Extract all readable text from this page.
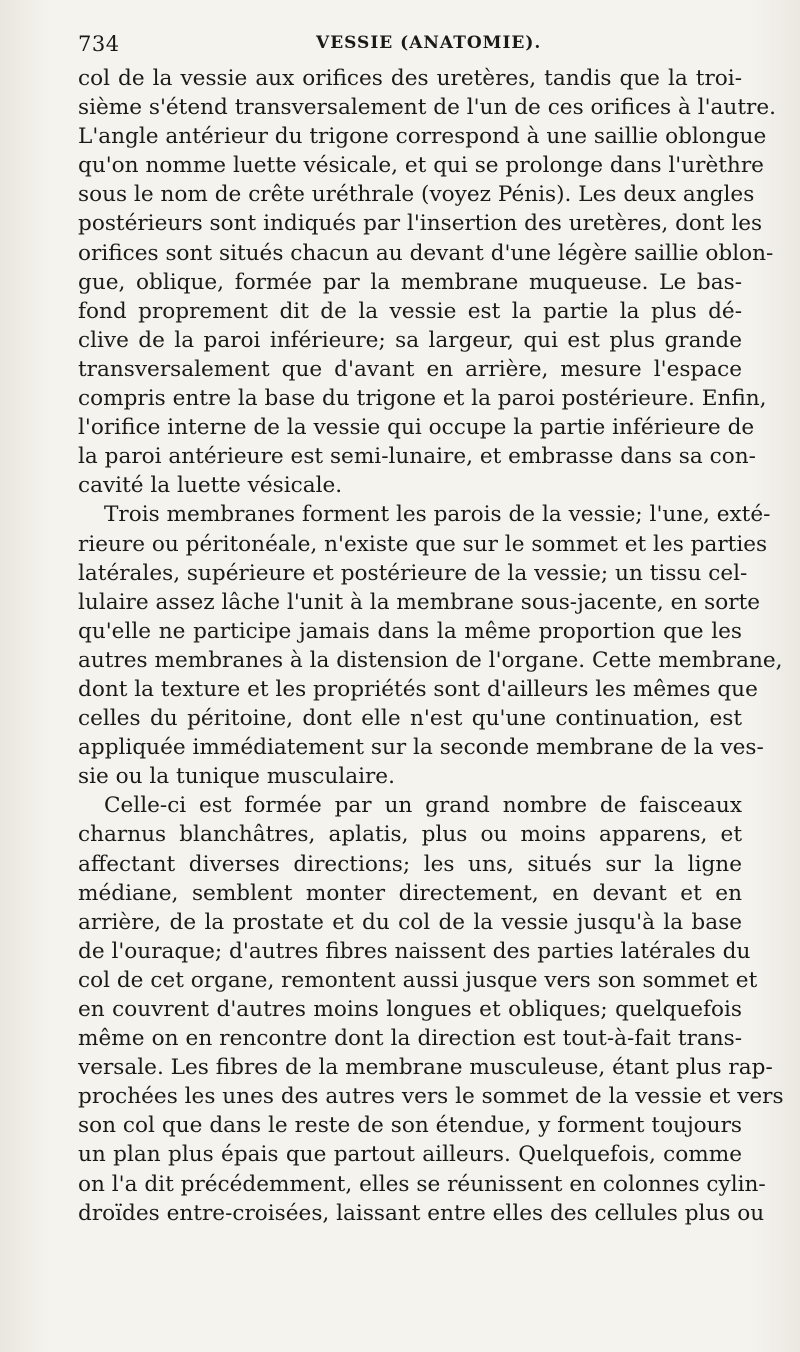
734	VESSIE (ANATOMIE).
col de la vessie aux orifices des uretères, tandis que la troi-
sième s'étend transversalement de l'un de ces orifices à l'autre.
L'angle antérieur du trigone correspond à une saillie oblongue
qu'on nomme luette vésicale, et qui se prolonge dans l'urèthre
sous le nom de crête uréthrale (voyez Pénis). Les deux angles
postérieurs sont indiqués par l'insertion des uretères, dont les
orifices sont situés chacun au devant d'une légère saillie oblon-
gue, oblique, formée par la membrane muqueuse. Le bas-
fond proprement dit de la vessie est la partie la plus dé-
clive de la paroi inférieure; sa largeur, qui est plus grande
transversalement que d'avant en arrière, mesure l'espace
compris entre la base du trigone et la paroi postérieure. Enfin,
l'orifice interne de la vessie qui occupe la partie inférieure de
la paroi antérieure est semi-lunaire, et embrasse dans sa con-
cavité la luette vésicale.
Trois membranes forment les parois de la vessie; l'une, exté-
rieure ou péritonéale, n'existe que sur le sommet et les parties
latérales, supérieure et postérieure de la vessie; un tissu cel-
lulaire assez lâche l'unit à la membrane sous-jacente, en sorte
qu'elle ne participe jamais dans la même proportion que les
autres membranes à la distension de l'organe. Cette membrane,
dont la texture et les propriétés sont d'ailleurs les mêmes que
celles du péritoine, dont elle n'est qu'une continuation, est
appliquée immédiatement sur la seconde membrane de la ves-
sie ou la tunique musculaire.
Celle-ci est formée par un grand nombre de faisceaux
charnus blanchâtres, aplatis, plus ou moins apparens, et
affectant diverses directions; les uns, situés sur la ligne
médiane, semblent monter directement, en devant et en
arrière, de la prostate et du col de la vessie jusqu'à la base
de l'ouraque; d'autres fibres naissent des parties latérales du
col de cet organe, remontent aussi jusque vers son sommet et
en couvrent d'autres moins longues et obliques; quelquefois
même on en rencontre dont la direction est tout-à-fait trans-
versale. Les fibres de la membrane musculeuse, étant plus rap-
prochées les unes des autres vers le sommet de la vessie et vers
son col que dans le reste de son étendue, y forment toujours
un plan plus épais que partout ailleurs. Quelquefois, comme
on l'a dit précédemment, elles se réunissent en colonnes cylin-
droïdes entre-croisées, laissant entre elles des cellules plus ou
